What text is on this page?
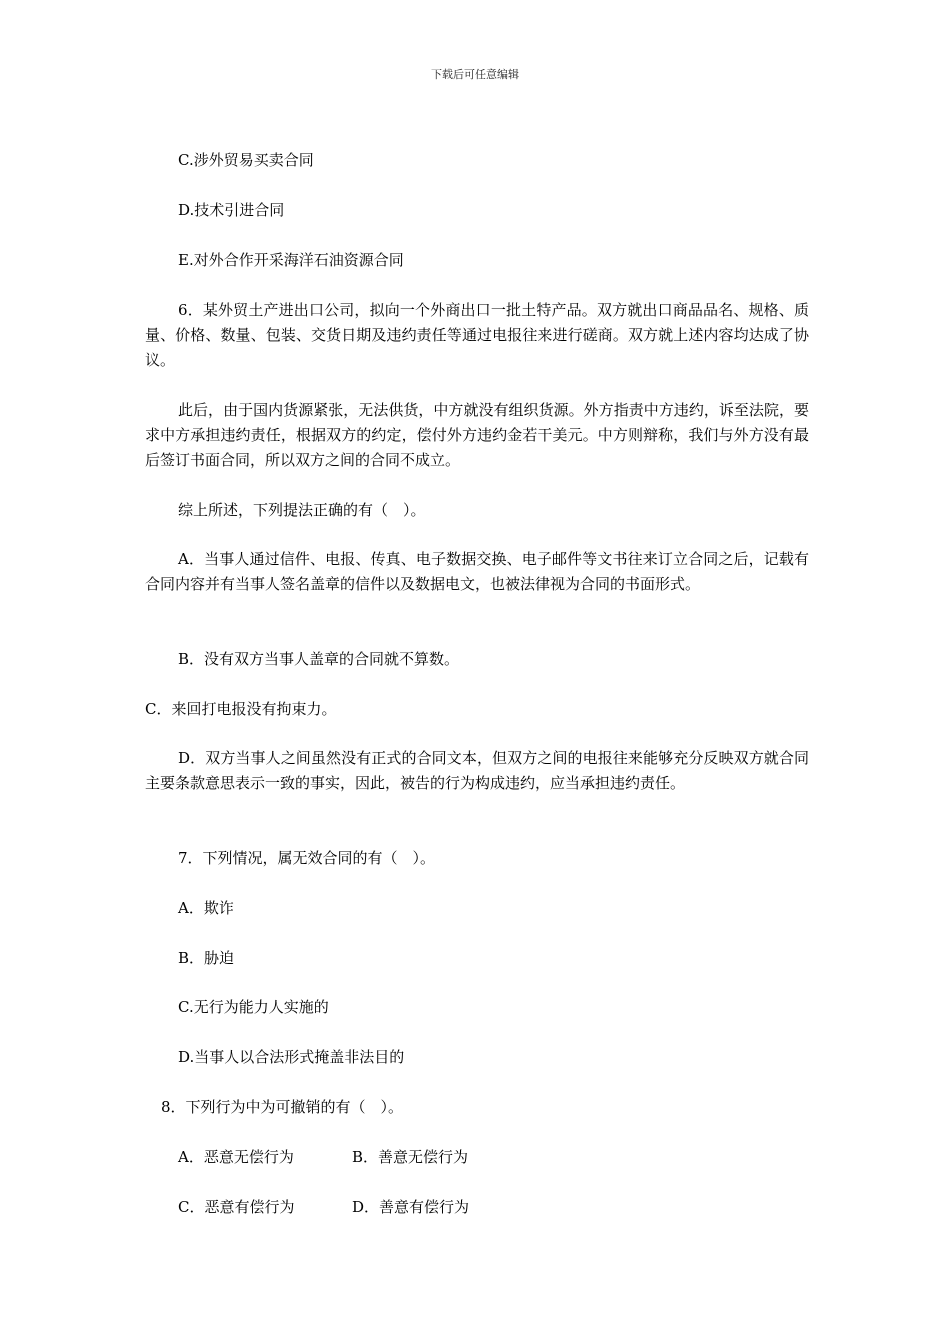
下载后可任意编辑

C.涉外贸易买卖合同

D.技术引进合同

E.对外合作开采海洋石油资源合同

6．某外贸土产进出口公司，拟向一个外商出口一批土特产品。双方就出口商品品名、规格、质量、价格、数量、包装、交货日期及违约责任等通过电报往来进行磋商。双方就上述内容均达成了协议。

此后，由于国内货源紧张，无法供货，中方就没有组织货源。外方指责中方违约，诉至法院，要求中方承担违约责任，根据双方的约定，偿付外方违约金若干美元。中方则辩称，我们与外方没有最后签订书面合同，所以双方之间的合同不成立。

综上所述，下列提法正确的有（　）。

A．当事人通过信件、电报、传真、电子数据交换、电子邮件等文书往来订立合同之后，记载有合同内容并有当事人签名盖章的信件以及数据电文，也被法律视为合同的书面形式。

B．没有双方当事人盖章的合同就不算数。

C．来回打电报没有拘束力。

D．双方当事人之间虽然没有正式的合同文本，但双方之间的电报往来能够充分反映双方就合同主要条款意思表示一致的事实，因此，被告的行为构成违约，应当承担违约责任。

7．下列情况，属无效合同的有（　）。

A．欺诈

B．胁迫

C.无行为能力人实施的

D.当事人以合法形式掩盖非法目的

8．下列行为中为可撤销的有（　）。

A．恶意无偿行为	B．善意无偿行为
C．恶意有偿行为	D．善意有偿行为
